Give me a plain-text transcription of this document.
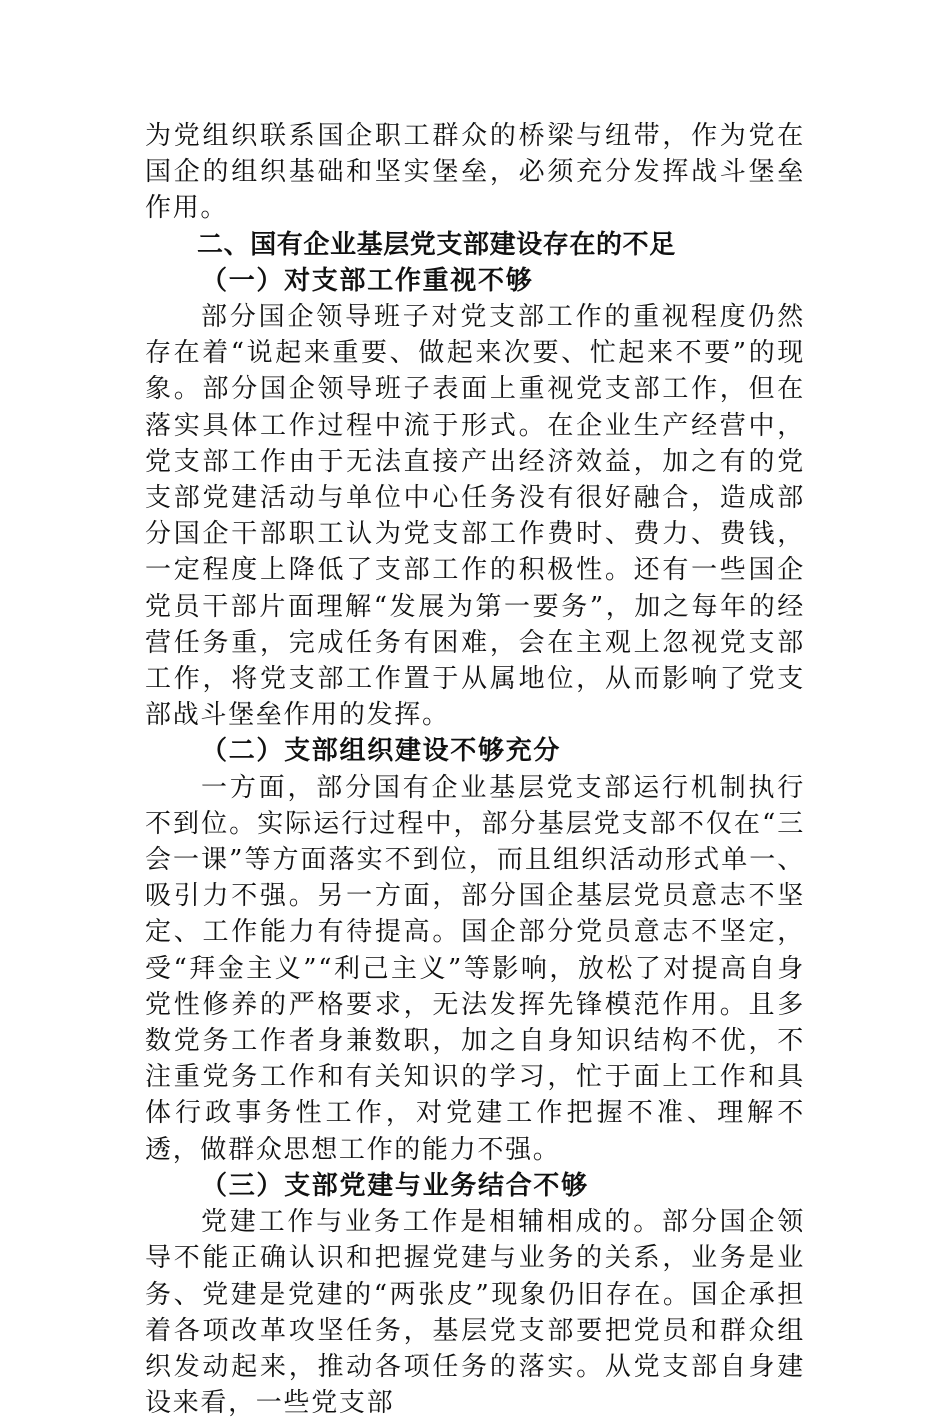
为党组织联系国企职工群众的桥梁与纽带，作为党在国企的组织基础和坚实堡垒，必须充分发挥战斗堡垒作用。

二、国有企业基层党支部建设存在的不足

（一）对支部工作重视不够

部分国企领导班子对党支部工作的重视程度仍然存在着“说起来重要、做起来次要、忙起来不要”的现象。部分国企领导班子表面上重视党支部工作，但在落实具体工作过程中流于形式。在企业生产经营中，党支部工作由于无法直接产出经济效益，加之有的党支部党建活动与单位中心任务没有很好融合，造成部分国企干部职工认为党支部工作费时、费力、费钱，一定程度上降低了支部工作的积极性。还有一些国企党员干部片面理解“发展为第一要务”，加之每年的经营任务重，完成任务有困难，会在主观上忽视党支部工作，将党支部工作置于从属地位，从而影响了党支部战斗堡垒作用的发挥。

（二）支部组织建设不够充分

一方面，部分国有企业基层党支部运行机制执行不到位。实际运行过程中，部分基层党支部不仅在“三会一课”等方面落实不到位，而且组织活动形式单一、吸引力不强。另一方面，部分国企基层党员意志不坚定、工作能力有待提高。国企部分党员意志不坚定，受“拜金主义”“利己主义”等影响，放松了对提高自身党性修养的严格要求，无法发挥先锋模范作用。且多数党务工作者身兼数职，加之自身知识结构不优，不注重党务工作和有关知识的学习，忙于面上工作和具体行政事务性工作，对党建工作把握不准、理解不透，做群众思想工作的能力不强。

（三）支部党建与业务结合不够

党建工作与业务工作是相辅相成的。部分国企领导不能正确认识和把握党建与业务的关系，业务是业务、党建是党建的“两张皮”现象仍旧存在。国企承担着各项改革攻坚任务，基层党支部要把党员和群众组织发动起来，推动各项任务的落实。从党支部自身建设来看，一些党支部
